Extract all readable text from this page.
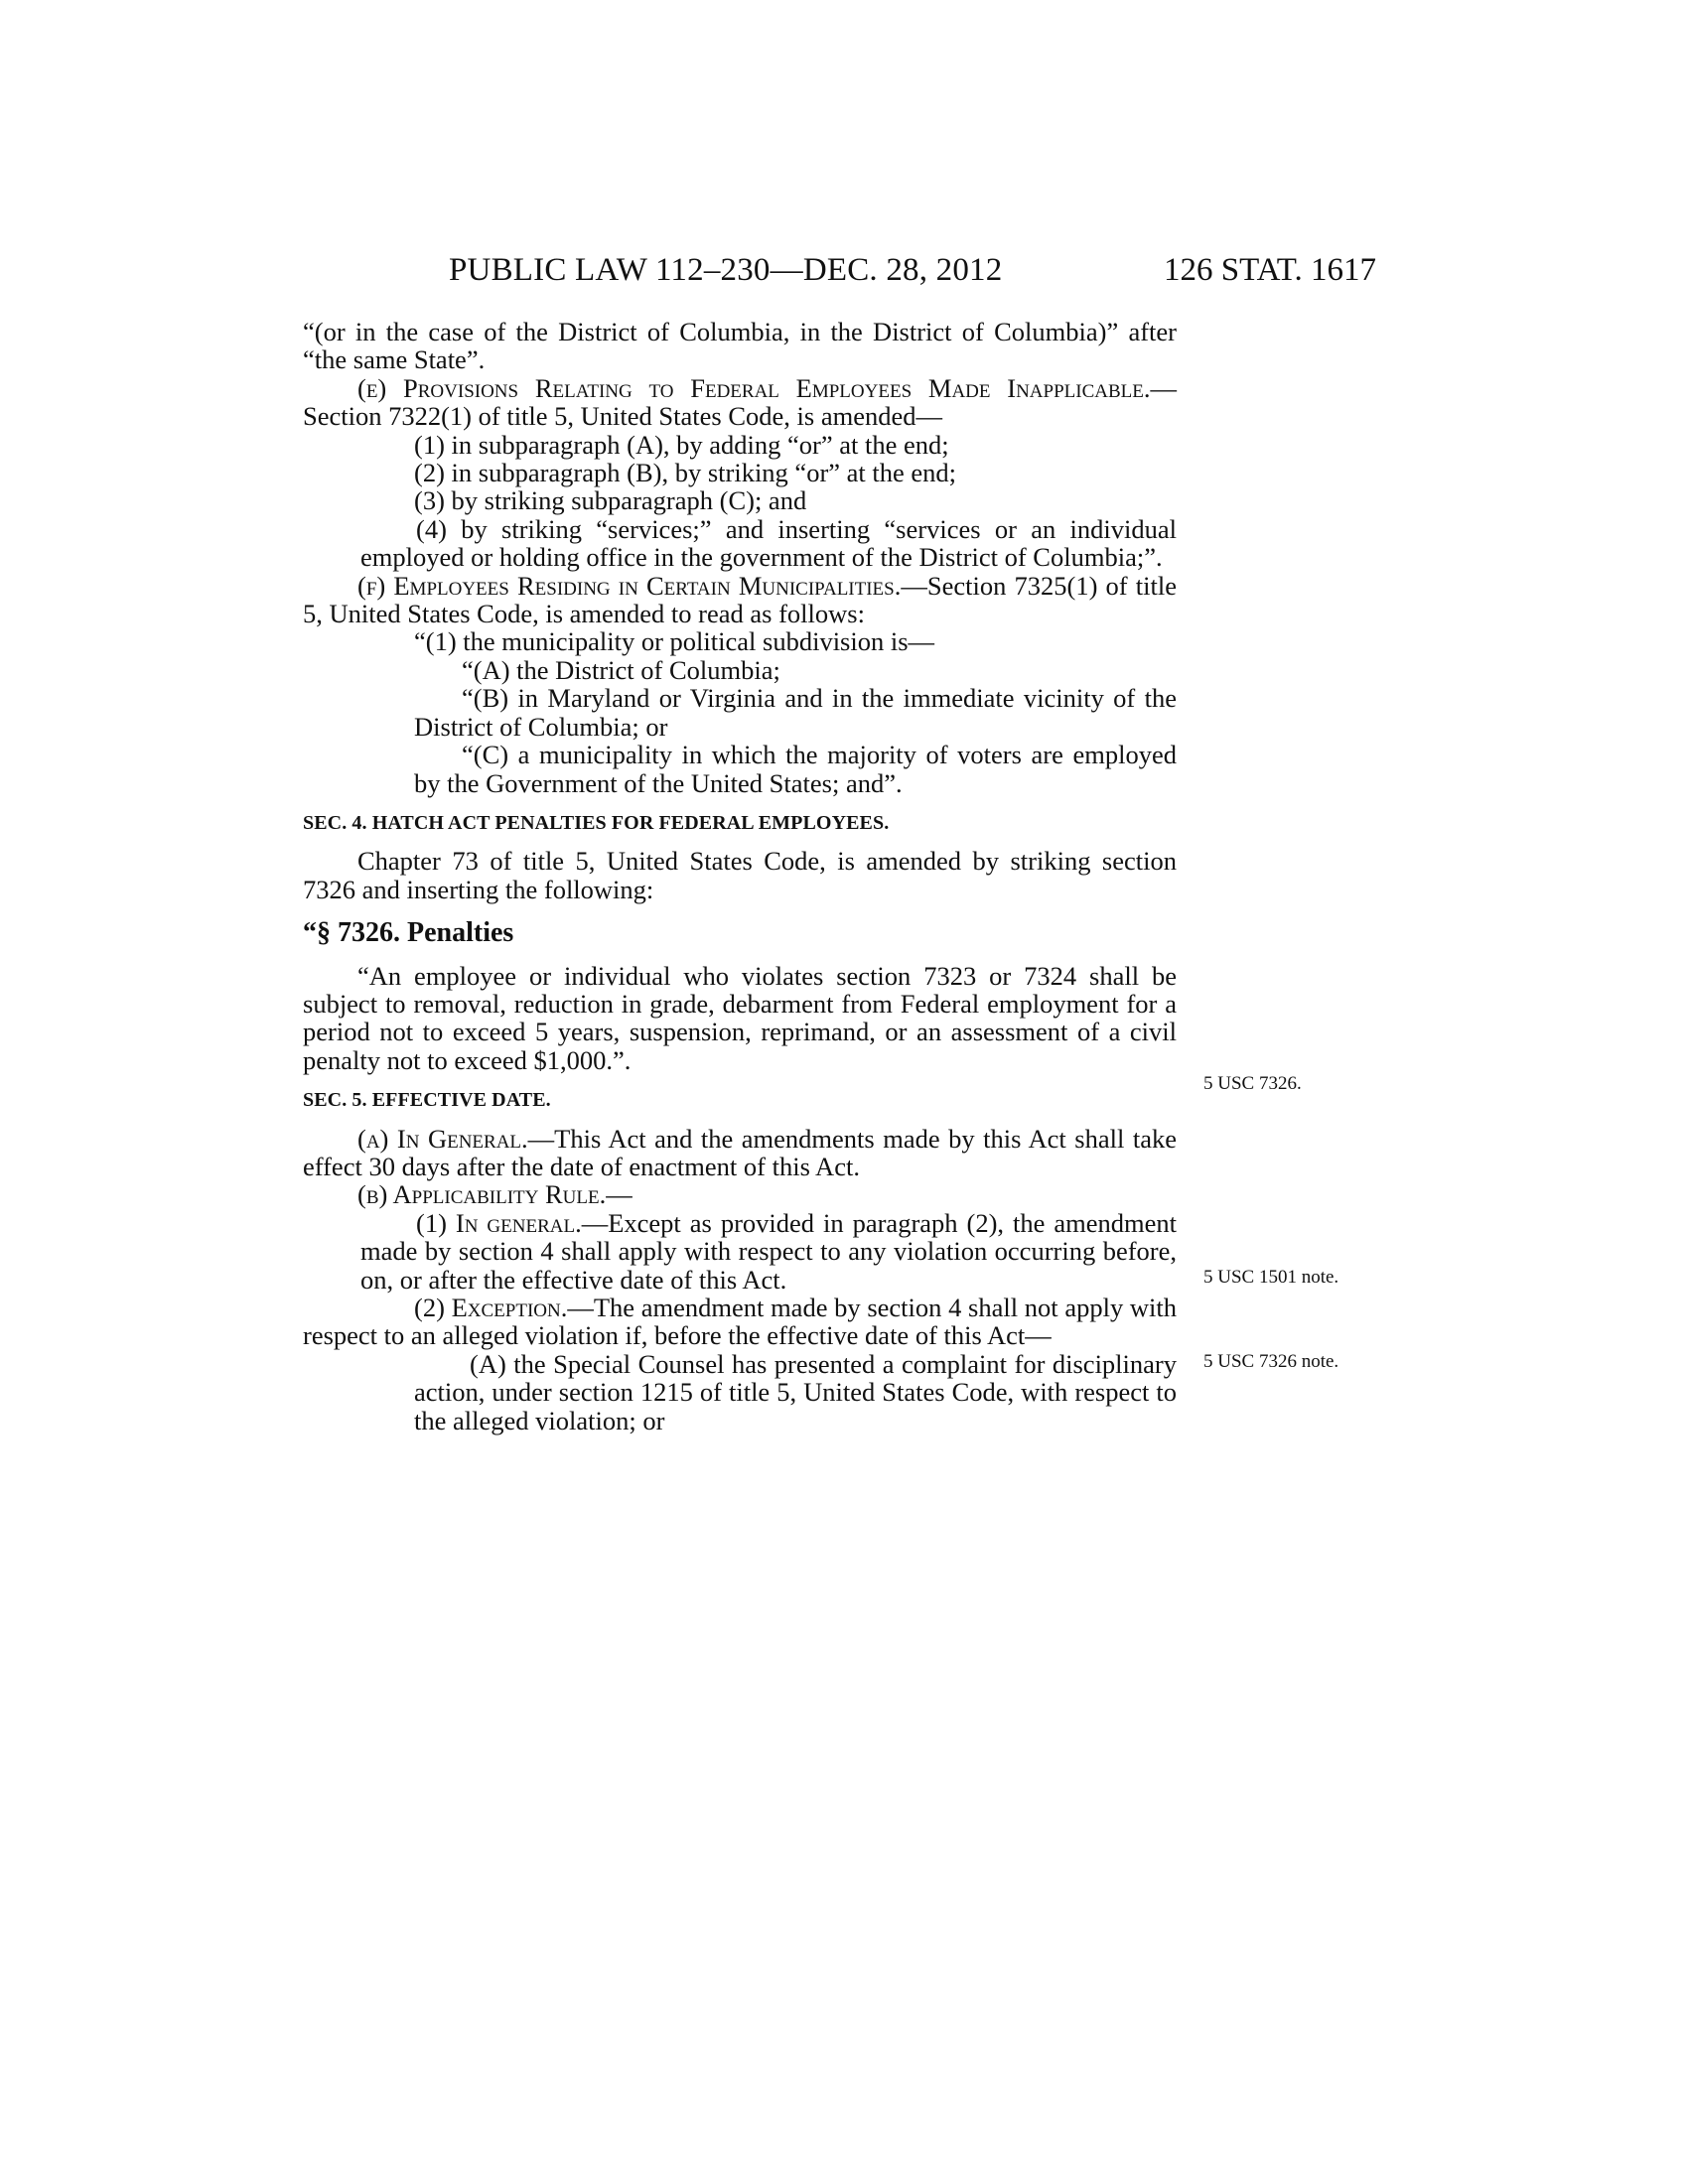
PUBLIC LAW 112–230—DEC. 28, 2012	126 STAT. 1617

“(or in the case of the District of Columbia, in the District of Columbia)” after “the same State”.

(e) Provisions Relating to Federal Employees Made Inapplicable.—Section 7322(1) of title 5, United States Code, is amended—

(1) in subparagraph (A), by adding “or” at the end;

(2) in subparagraph (B), by striking “or” at the end;

(3) by striking subparagraph (C); and

(4) by striking “services;” and inserting “services or an individual employed or holding office in the government of the District of Columbia;”.

(f) Employees Residing in Certain Municipalities.—Section 7325(1) of title 5, United States Code, is amended to read as follows:

“(1) the municipality or political subdivision is—

“(A) the District of Columbia;

“(B) in Maryland or Virginia and in the immediate vicinity of the District of Columbia; or

“(C) a municipality in which the majority of voters are employed by the Government of the United States; and”.

SEC. 4. HATCH ACT PENALTIES FOR FEDERAL EMPLOYEES.

Chapter 73 of title 5, United States Code, is amended by striking section 7326 and inserting the following:

“§ 7326. Penalties

“An employee or individual who violates section 7323 or 7324 shall be subject to removal, reduction in grade, debarment from Federal employment for a period not to exceed 5 years, suspension, reprimand, or an assessment of a civil penalty not to exceed $1,000.”.

SEC. 5. EFFECTIVE DATE.

(a) In General.—This Act and the amendments made by this Act shall take effect 30 days after the date of enactment of this Act.

(b) Applicability Rule.—

(1) In general.—Except as provided in paragraph (2), the amendment made by section 4 shall apply with respect to any violation occurring before, on, or after the effective date of this Act.

(2) Exception.—The amendment made by section 4 shall not apply with respect to an alleged violation if, before the effective date of this Act—

(A) the Special Counsel has presented a complaint for disciplinary action, under section 1215 of title 5, United States Code, with respect to the alleged violation; or

5 USC 7326.
5 USC 1501 note.
5 USC 7326 note.
